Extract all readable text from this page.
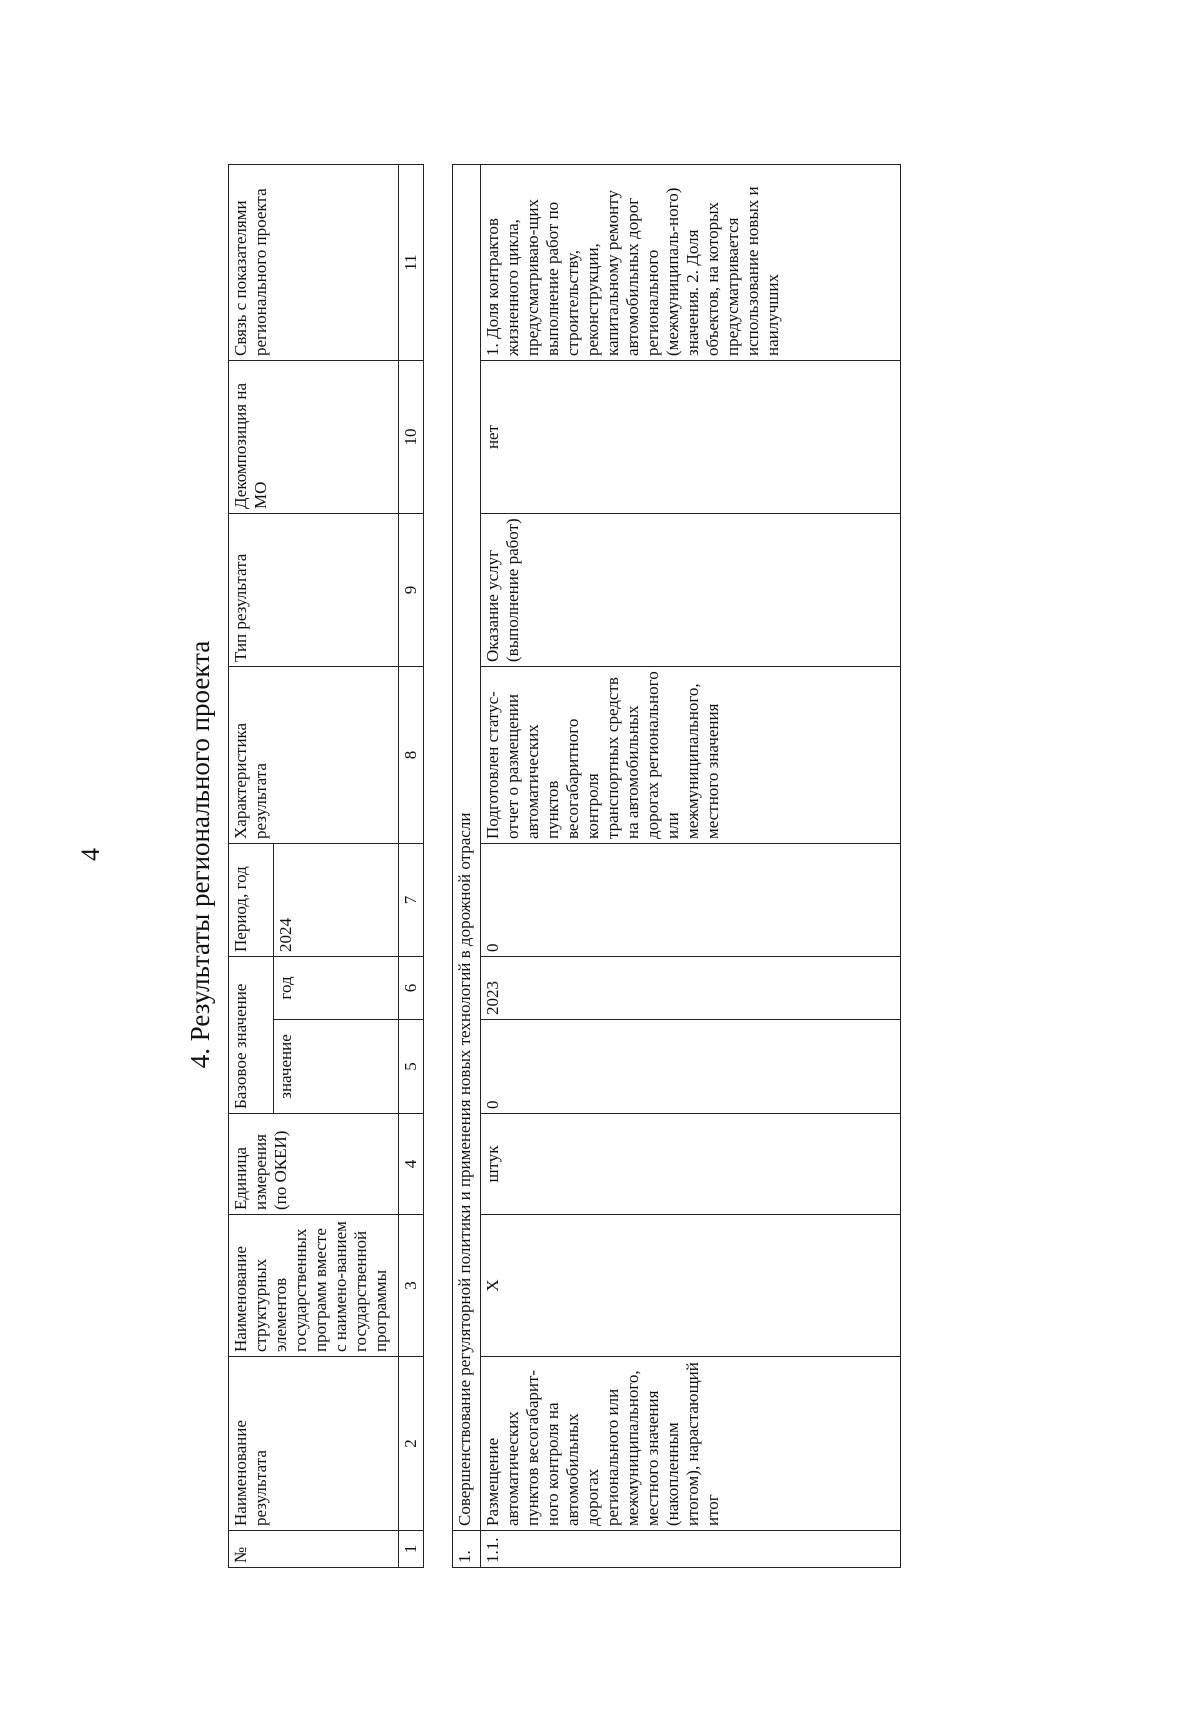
4	4. Результаты регионального проекта
№	Наименование результата	Наименование структурных элементов государственных программ вместе с наимено-ванием государственной программы	Единица измерения (по ОКЕИ)	Базовое значение		Период, год	Характеристика результата	Тип результата	Декомпозиция на МО	Связь с показателями регионального проекта
				значение	год	2024				

1	2	3	4	5	6	7	8	9	10	11
1.	Совершенствование регуляторной политики и применения новых технологий в дорожной отрасли									
1.1.	Размещение автоматических пунктов весогабарит-ного контроля на автомобильных дорогах регионального или межмуниципального, местного значения (накопленным итогом), нарастающий итог	Х	штук	0	2023	0	Подготовлен статус-отчет о размещении автоматических пунктов весогабаритного контроля транспортных средств на автомобильных дорогах регионального или межмуниципального, местного значения	Оказание услуг (выполнение работ)	нет	1. Доля контрактов жизненного цикла, предусматриваю-щих выполнение работ по строительству, реконструкции, капитальному ремонту автомобильных дорог регионального (межмуниципаль-ного) значения. 2. Доля объектов, на которых предусматривается использование новых и наилучших
